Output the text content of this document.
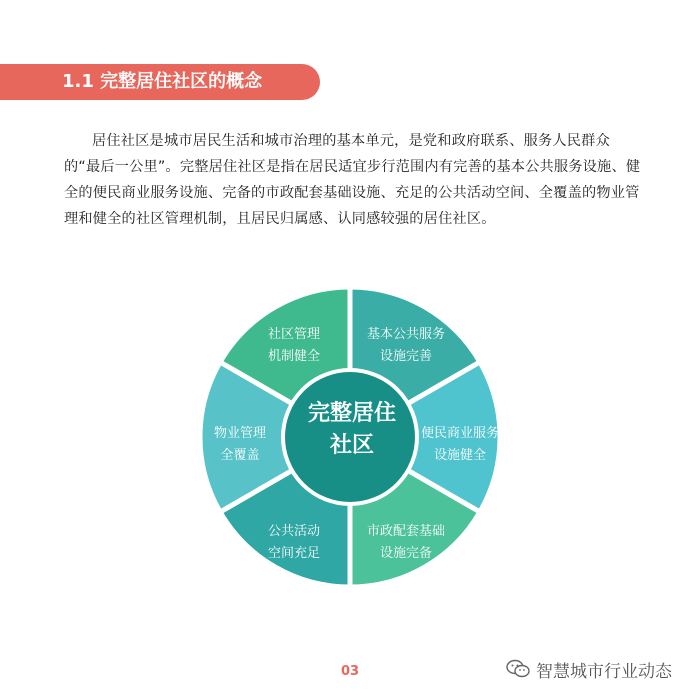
1.1 完整居住社区的概念
居住社区是城市居民生活和城市治理的基本单元，是党和政府联系、服务人民群众的“最后一公里”。完整居住社区是指在居民适宜步行范围内有完善的基本公共服务设施、健全的便民商业服务设施、完备的市政配套基础设施、充足的公共活动空间、全覆盖的物业管理和健全的社区管理机制，且居民归属感、认同感较强的居住社区。
基本公共服务
设施完善
便民商业服务
设施健全
市政配套基础
设施完备
公共活动
空间充足
物业管理
全覆盖
社区管理
机制健全
完整居住
社区
03	智慧城市行业动态
